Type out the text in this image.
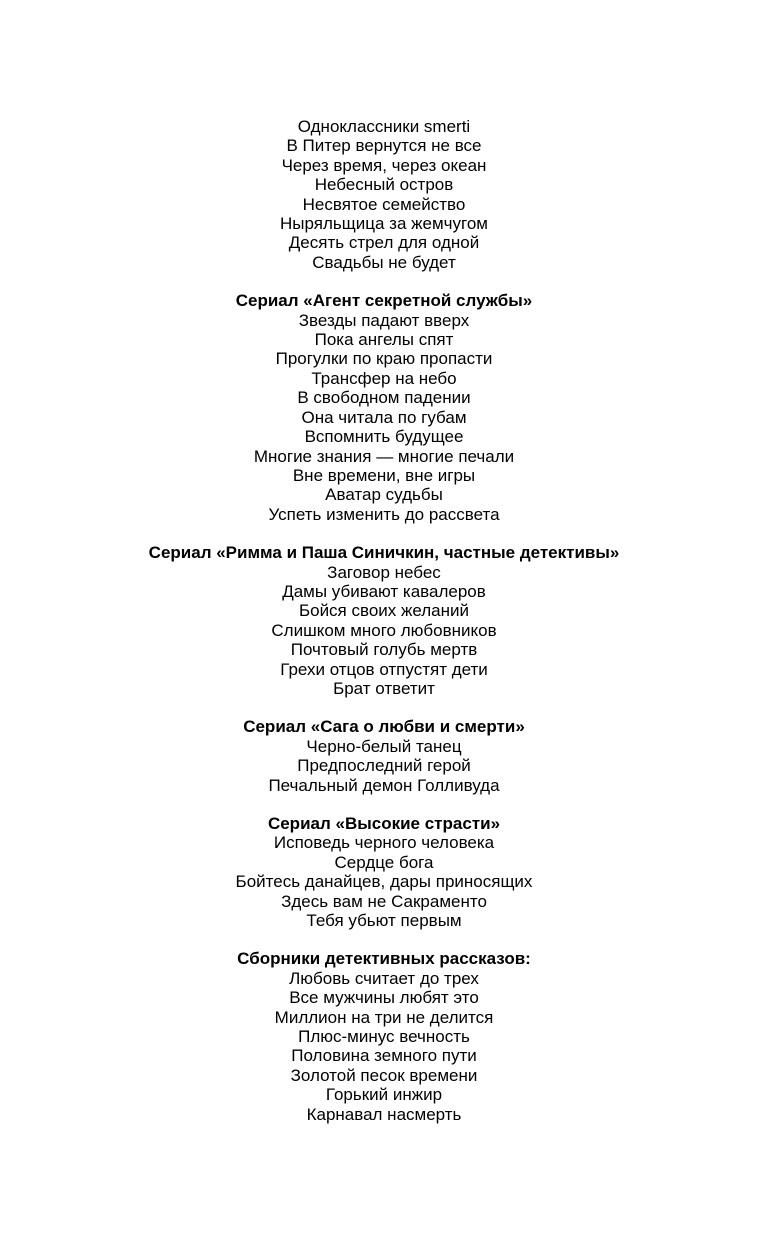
Одноклассники smerti
В Питер вернутся не все
Через время, через океан
Небесный остров
Несвятое семейство
Ныряльщица за жемчугом
Десять стрел для одной
Свадьбы не будет
Сериал «Агент секретной службы»
Звезды падают вверх
Пока ангелы спят
Прогулки по краю пропасти
Трансфер на небо
В свободном падении
Она читала по губам
Вспомнить будущее
Многие знания — многие печали
Вне времени, вне игры
Аватар судьбы
Успеть изменить до рассвета
Сериал «Римма и Паша Синичкин, частные детективы»
Заговор небес
Дамы убивают кавалеров
Бойся своих желаний
Слишком много любовников
Почтовый голубь мертв
Грехи отцов отпустят дети
Брат ответит
Сериал «Сага о любви и смерти»
Черно-белый танец
Предпоследний герой
Печальный демон Голливуда
Сериал «Высокие страсти»
Исповедь черного человека
Сердце бога
Бойтесь данайцев, дары приносящих
Здесь вам не Сакраменто
Тебя убьют первым
Сборники детективных рассказов:
Любовь считает до трех
Все мужчины любят это
Миллион на три не делится
Плюс-минус вечность
Половина земного пути
Золотой песок времени
Горький инжир
Карнавал насмерть
